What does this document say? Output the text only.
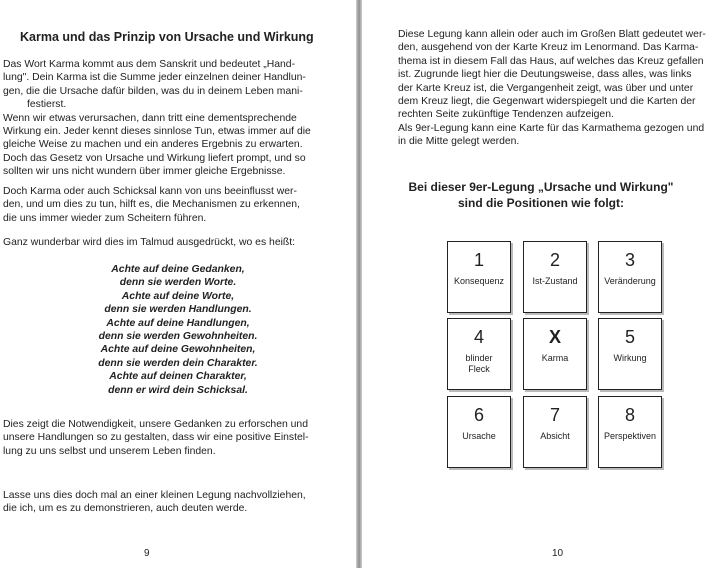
Karma und das Prinzip von Ursache und Wirkung
Das Wort Karma kommt aus dem Sanskrit und bedeutet „Hand-
lung". Dein Karma ist die Summe jeder einzelnen deiner Handlun-
gen, die die Ursache dafür bilden, was du in deinem Leben mani-
festierst.
Wenn wir etwas verursachen, dann tritt eine dementsprechende
Wirkung ein. Jeder kennt dieses sinnlose Tun, etwas immer auf die
gleiche Weise zu machen und ein anderes Ergebnis zu erwarten.
Doch das Gesetz von Ursache und Wirkung liefert prompt, und so
sollten wir uns nicht wundern über immer gleiche Ergebnisse.
Doch Karma oder auch Schicksal kann von uns beeinflusst wer-
den, und um dies zu tun, hilft es, die Mechanismen zu erkennen,
die uns immer wieder zum Scheitern führen.
Ganz wunderbar wird dies im Talmud ausgedrückt, wo es heißt:
Achte auf deine Gedanken,
denn sie werden Worte.
Achte auf deine Worte,
denn sie werden Handlungen.
Achte auf deine Handlungen,
denn sie werden Gewohnheiten.
Achte auf deine Gewohnheiten,
denn sie werden dein Charakter.
Achte auf deinen Charakter,
denn er wird dein Schicksal.
Dies zeigt die Notwendigkeit, unsere Gedanken zu erforschen und
unsere Handlungen so zu gestalten, dass wir eine positive Einstel-
lung zu uns selbst und unserem Leben finden.
Lasse uns dies doch mal an einer kleinen Legung nachvollziehen,
die ich, um es zu demonstrieren, auch deuten werde.
9
Diese Legung kann allein oder auch im Großen Blatt gedeutet wer-
den, ausgehend von der Karte Kreuz im Lenormand. Das Karma-
thema ist in diesem Fall das Haus, auf welches das Kreuz gefallen
ist. Zugrunde liegt hier die Deutungsweise, dass alles, was links
der Karte Kreuz ist, die Vergangenheit zeigt, was über und unter
dem Kreuz liegt, die Gegenwart widerspiegelt und die Karten der
rechten Seite zukünftige Tendenzen aufzeigen.
Als 9er-Legung kann eine Karte für das Karmathema gezogen und
in die Mitte gelegt werden.
Bei dieser 9er-Legung „Ursache und Wirkung"
sind die Positionen wie folgt:
1
Konsequenz
2
Ist-Zustand
3
Veränderung
4
blinder Fleck
X
Karma
5
Wirkung
6
Ursache
7
Absicht
8
Perspektiven
10
